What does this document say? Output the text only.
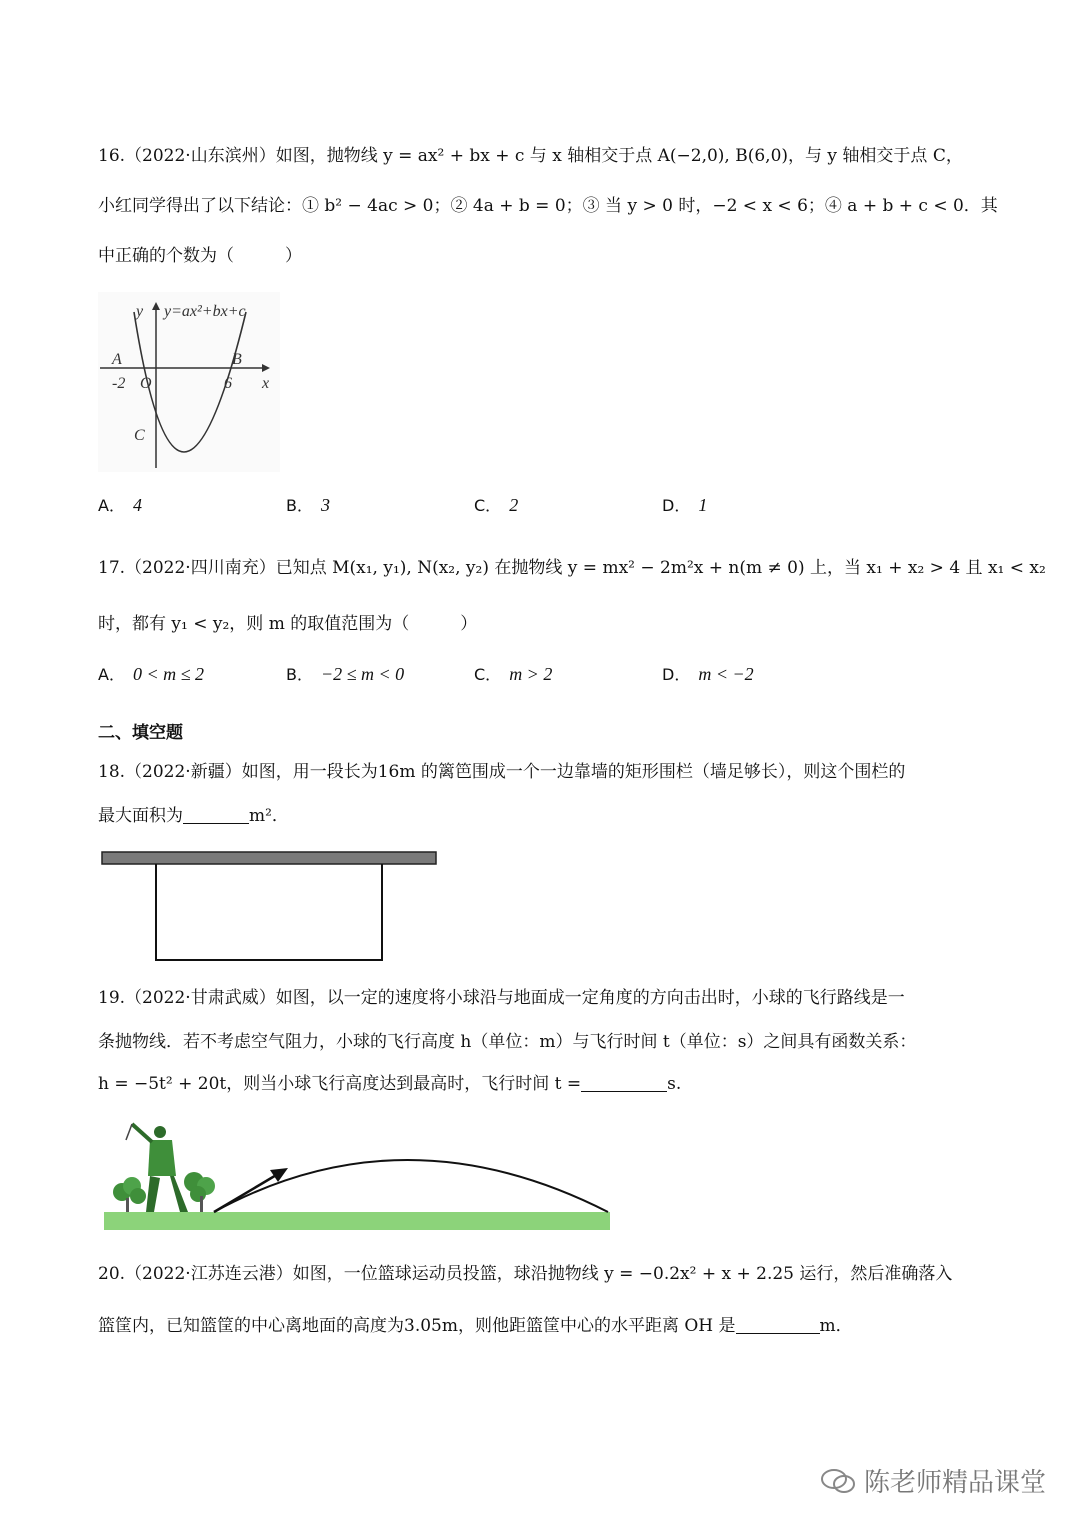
16.（2022·山东滨州）如图，抛物线 y = ax² + bx + c 与 x 轴相交于点 A(−2,0), B(6,0)，与 y 轴相交于点 C，
小红同学得出了以下结论：① b² − 4ac > 0；② 4a + b = 0；③ 当 y > 0 时，−2 < x < 6；④ a + b + c < 0．其
中正确的个数为（　　　）
y y=ax²+bx+c
A	B
-2 O	6 x
C
A． 4	B． 3	C． 2	D． 1
17.（2022·四川南充）已知点 M(x₁, y₁), N(x₂, y₂) 在抛物线 y = mx² − 2m²x + n(m ≠ 0) 上，当 x₁ + x₂ > 4 且 x₁ < x₂
时，都有 y₁ < y₂，则 m 的取值范围为（　　　）
A． 0 < m ≤ 2	B． −2 ≤ m < 0	C． m > 2	D． m < −2
二、填空题
18.（2022·新疆）如图，用一段长为16m 的篱笆围成一个一边靠墙的矩形围栏（墙足够长），则这个围栏的
最大面积为	m²．
19.（2022·甘肃武威）如图，以一定的速度将小球沿与地面成一定角度的方向击出时，小球的飞行路线是一
条抛物线．若不考虑空气阻力，小球的飞行高度 h（单位：m）与飞行时间 t（单位：s）之间具有函数关系：
h = −5t² + 20t，则当小球飞行高度达到最高时，飞行时间 t =	s.
20.（2022·江苏连云港）如图，一位篮球运动员投篮，球沿抛物线 y = −0.2x² + x + 2.25 运行，然后准确落入
篮筐内，已知篮筐的中心离地面的高度为3.05m，则他距篮筐中心的水平距离 OH 是	m．
陈老师精品课堂
